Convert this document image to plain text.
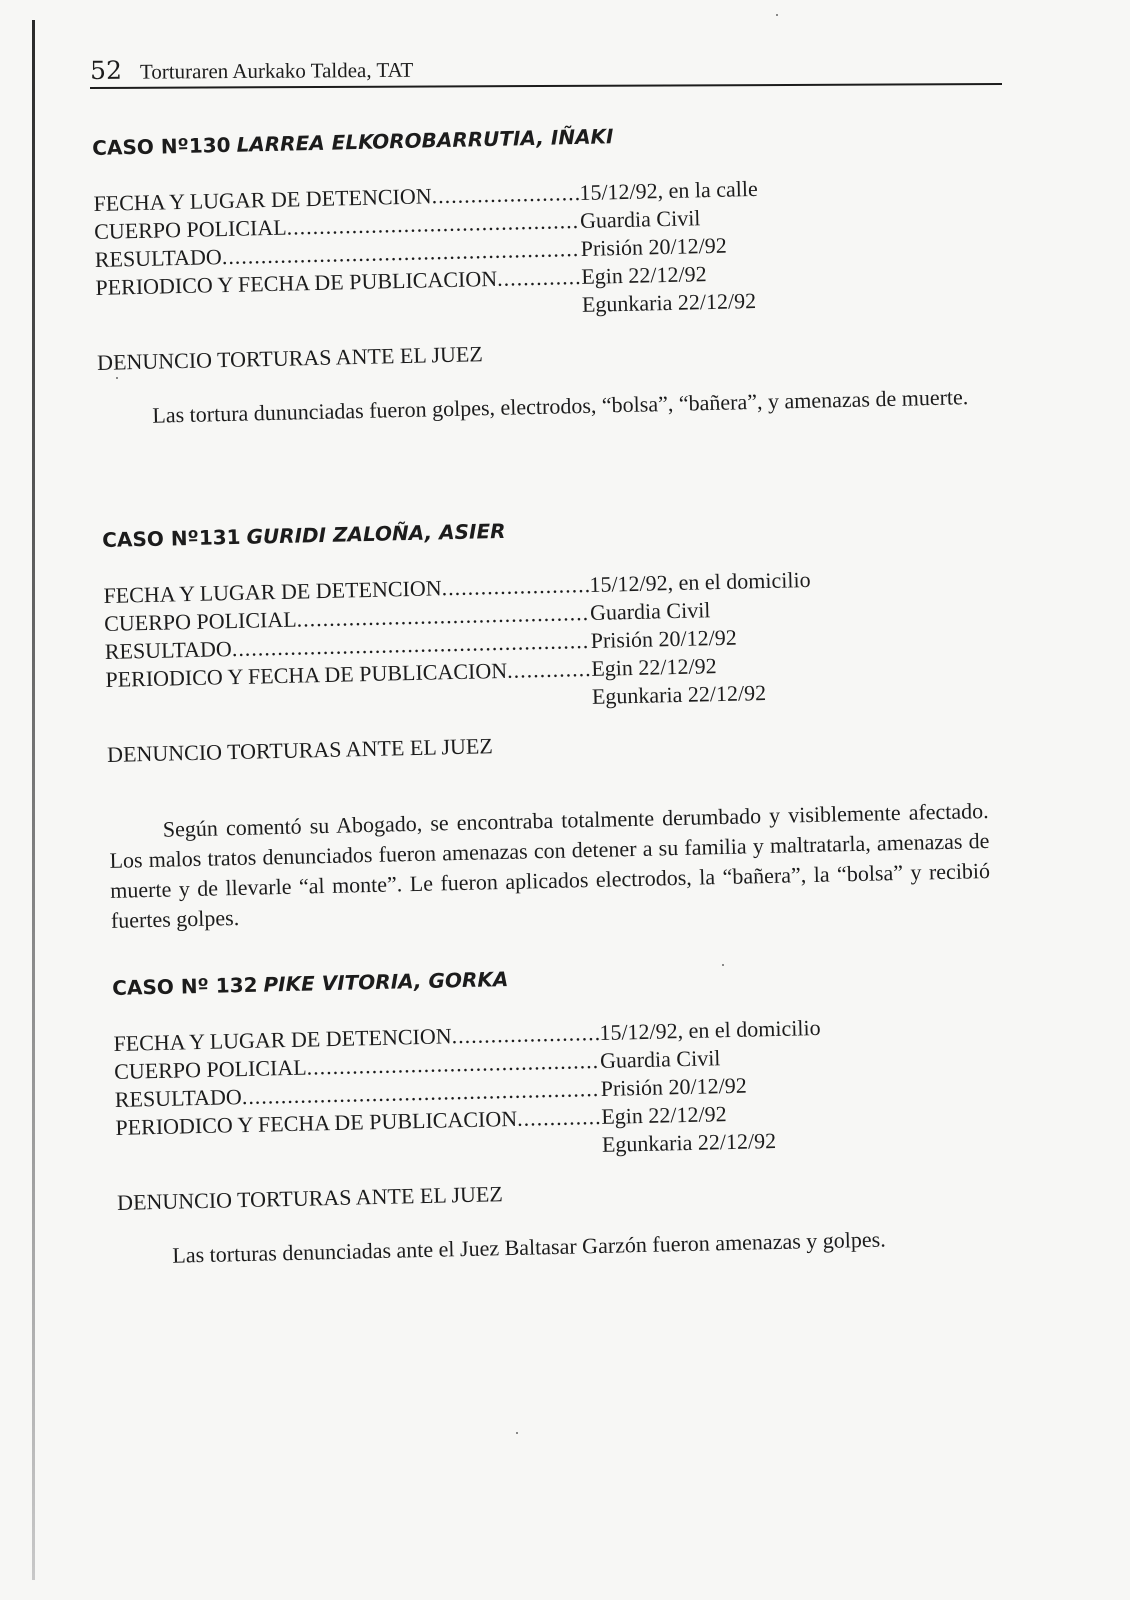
52 Torturaren Aurkako Taldea, TAT
CASO Nº130 LARREA ELKOROBARRUTIA, IÑAKI
FECHA Y LUGAR DE DETENCION .....	15/12/92, en la calle
CUERPO POLICIAL .....	Guardia Civil
RESULTADO .....	Prisión 20/12/92
PERIODICO Y FECHA DE PUBLICACION .....	Egin 22/12/92
Egunkaria 22/12/92
DENUNCIO TORTURAS ANTE EL JUEZ

Las tortura dununciadas fueron golpes, electrodos, “bolsa”, “bañera”, y amenazas de muerte.

CASO Nº131 GURIDI ZALOÑA, ASIER
FECHA Y LUGAR DE DETENCION .....	15/12/92, en el domicilio
CUERPO POLICIAL .....	Guardia Civil
RESULTADO .....	Prisión 20/12/92
PERIODICO Y FECHA DE PUBLICACION .....	Egin 22/12/92
Egunkaria 22/12/92
DENUNCIO TORTURAS ANTE EL JUEZ

Según comentó su Abogado, se encontraba totalmente derumbado y visiblemente afectado. Los malos tratos denunciados fueron amenazas con detener a su familia y maltratarla, amenazas de muerte y de llevarle “al monte”. Le fueron aplicados electrodos, la “bañera”, la “bolsa” y recibió fuertes golpes.

CASO Nº 132 PIKE VITORIA, GORKA
FECHA Y LUGAR DE DETENCION .....	15/12/92, en el domicilio
CUERPO POLICIAL .....	Guardia Civil
RESULTADO .....	Prisión 20/12/92
PERIODICO Y FECHA DE PUBLICACION .....	Egin 22/12/92
Egunkaria 22/12/92
DENUNCIO TORTURAS ANTE EL JUEZ

Las torturas denunciadas ante el Juez Baltasar Garzón fueron amenazas y golpes.
